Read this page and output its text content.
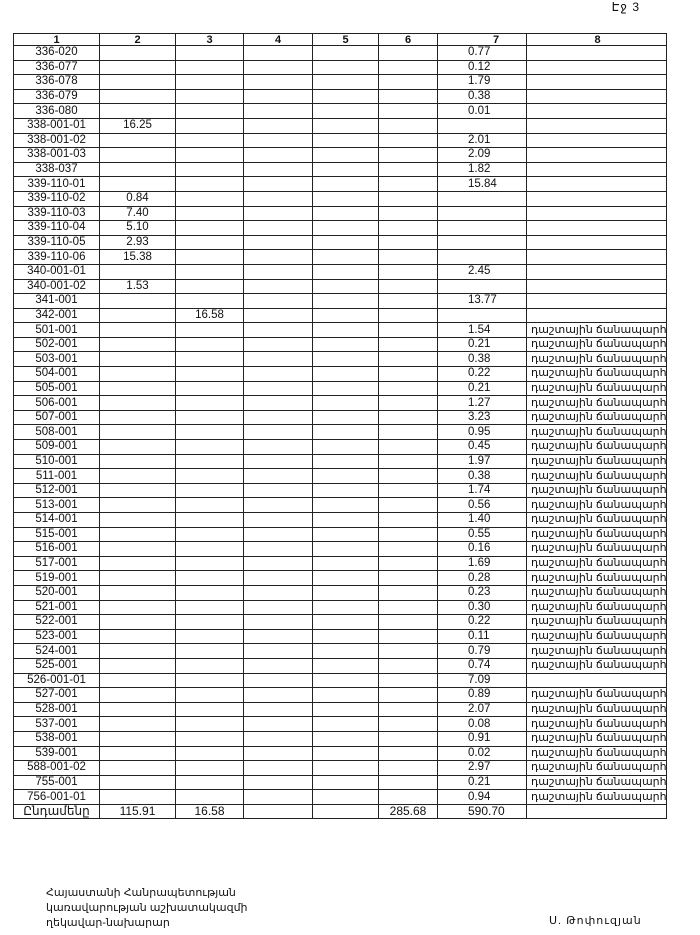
Էջ 3
1	2	3	4	5	6	7	8
336-020						0.77	
336-077						0.12	
336-078						1.79	
336-079						0.38	
336-080						0.01	
338-001-01	16.25						
338-001-02						2.01	
338-001-03						2.09	
338-037						1.82	
339-110-01						15.84	
339-110-02	0.84						
339-110-03	7.40						
339-110-04	5.10						
339-110-05	2.93						
339-110-06	15.38						
340-001-01						2.45	
340-001-02	1.53						
341-001						13.77	
342-001		16.58					
501-001						1.54	դաշտային ճանապարհ
502-001						0.21	դաշտային ճանապարհ
503-001						0.38	դաշտային ճանապարհ
504-001						0.22	դաշտային ճանապարհ
505-001						0.21	դաշտային ճանապարհ
506-001						1.27	դաշտային ճանապարհ
507-001						3.23	դաշտային ճանապարհ
508-001						0.95	դաշտային ճանապարհ
509-001						0.45	դաշտային ճանապարհ
510-001						1.97	դաշտային ճանապարհ
511-001						0.38	դաշտային ճանապարհ
512-001						1.74	դաշտային ճանապարհ
513-001						0.56	դաշտային ճանապարհ
514-001						1.40	դաշտային ճանապարհ
515-001						0.55	դաշտային ճանապարհ
516-001						0.16	դաշտային ճանապարհ
517-001						1.69	դաշտային ճանապարհ
519-001						0.28	դաշտային ճանապարհ
520-001						0.23	դաշտային ճանապարհ
521-001						0.30	դաշտային ճանապարհ
522-001						0.22	դաշտային ճանապարհ
523-001						0.11	դաշտային ճանապարհ
524-001						0.79	դաշտային ճանապարհ
525-001						0.74	դաշտային ճանապարհ
526-001-01						7.09	
527-001						0.89	դաշտային ճանապարհ
528-001						2.07	դաշտային ճանապարհ
537-001						0.08	դաշտային ճանապարհ
538-001						0.91	դաշտային ճանապարհ
539-001						0.02	դաշտային ճանապարհ
588-001-02						2.97	դաշտային ճանապարհ
755-001						0.21	դաշտային ճանապարհ
756-001-01						0.94	դաշտային ճանապարհ
Ընդամենը	115.91	16.58			285.68	590.70	
Հայաստանի Հանրապետության
կառավարության աշխատակազմի
ղեկավար-նախարար	Ս. Թոփուզյան
